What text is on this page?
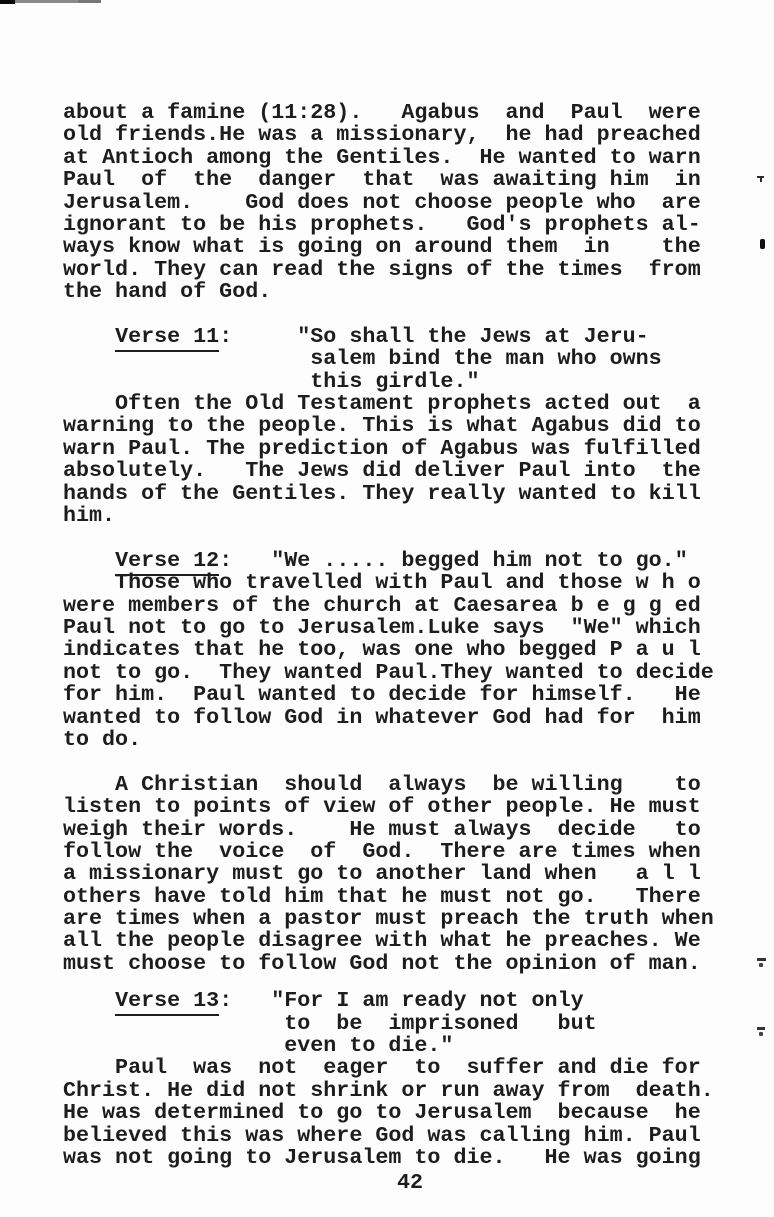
about a famine (11:28).   Agabus  and  Paul  were
old friends.He was a missionary,  he had preached
at Antioch among the Gentiles.  He wanted to warn
Paul  of  the  danger  that  was awaiting him  in
Jerusalem.    God does not choose people who  are
ignorant to be his prophets.   God's prophets al-
ways know what is going on around them  in    the
world. They can read the signs of the times  from
the hand of God.
Verse 11:     "So shall the Jews at Jeru-
salem bind the man who owns
this girdle."
Often the Old Testament prophets acted out  a
warning to the people. This is what Agabus did to
warn Paul. The prediction of Agabus was fulfilled
absolutely.   The Jews did deliver Paul into  the
hands of the Gentiles. They really wanted to kill
him.
Verse 12:   "We ..... begged him not to go."
Those who travelled with Paul and those w h o
were members of the church at Caesarea b e g g ed
Paul not to go to Jerusalem.Luke says  "We" which
indicates that he too, was one who begged P a u l
not to go.  They wanted Paul.They wanted to decide
for him.  Paul wanted to decide for himself.   He
wanted to follow God in whatever God had for  him
to do.
A Christian  should  always  be willing    to
listen to points of view of other people. He must
weigh their words.    He must always  decide   to
follow the  voice  of  God.  There are times when
a missionary must go to another land when   a l l
others have told him that he must not go.   There
are times when a pastor must preach the truth when
all the people disagree with what he preaches. We
must choose to follow God not the opinion of man.
Verse 13:   "For I am ready not only
to  be  imprisoned   but
even to die."
Paul  was  not  eager  to  suffer and die for
Christ. He did not shrink or run away from  death.
He was determined to go to Jerusalem  because  he
believed this was where God was calling him. Paul
was not going to Jerusalem to die.   He was going
42
